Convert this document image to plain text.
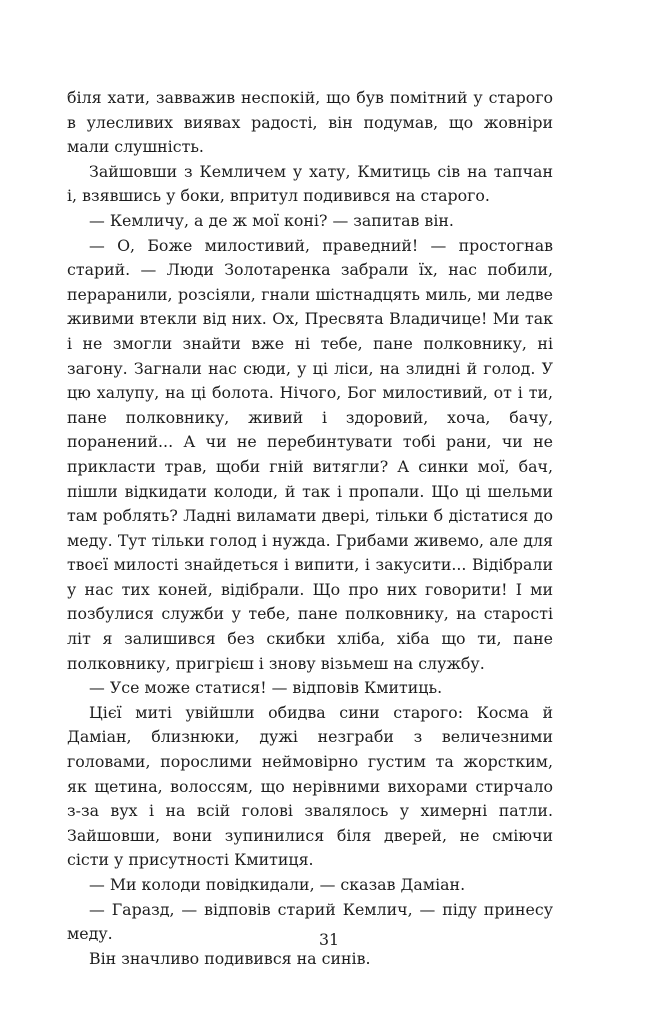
біля хати, завважив неспокій, що був помітний у старого в улесливих виявах радості, він подумав, що жовніри мали слушність.

Зайшовши з Кемличем у хату, Кмитиць сів на тапчан і, взявшись у боки, впритул подивився на старого.

— Кемличу, а де ж мої коні? — запитав він.

— О, Боже милостивий, праведний! — простогнав старий. — Люди Золотаренка забрали їх, нас побили, пераранили, розсіяли, гнали шістнадцять миль, ми ледве живими втекли від них. Ох, Пресвята Владичице! Ми так і не змогли знайти вже ні тебе, пане полковнику, ні загону. Загнали нас сюди, у ці ліси, на злидні й голод. У цю халупу, на ці болота. Нічого, Бог милостивий, от і ти, пане полковнику, живий і здоровий, хоча, бачу, поранений... А чи не перебинтувати тобі рани, чи не прикласти трав, щоби гній витягли? А синки мої, бач, пішли відкидати колоди, й так і пропали. Що ці шельми там роблять? Ладні виламати двері, тільки б дістатися до меду. Тут тільки голод і нужда. Грибами живемо, але для твоєї милості знайдеться і випити, і закусити... Відібрали у нас тих коней, відібрали. Що про них говорити! І ми позбулися служби у тебе, пане полковнику, на старості літ я залишився без скибки хліба, хіба що ти, пане полковнику, пригрієш і знову візьмеш на службу.

— Усе може статися! — відповів Кмитиць.

Цієї миті увійшли обидва сини старого: Косма й Даміан, близнюки, дужі незграби з величезними головами, порослими неймовірно густим та жорстким, як щетина, волоссям, що нерівними вихорами стирчало з-за вух і на всій голові звалялось у химерні патли. Зайшовши, вони зупинилися біля дверей, не сміючи сісти у присутності Кмитиця.

— Ми колоди повідкидали, — сказав Даміан.

— Гаразд, — відповів старий Кемлич, — піду принесу меду.

Він значливо подивився на синів.

31
